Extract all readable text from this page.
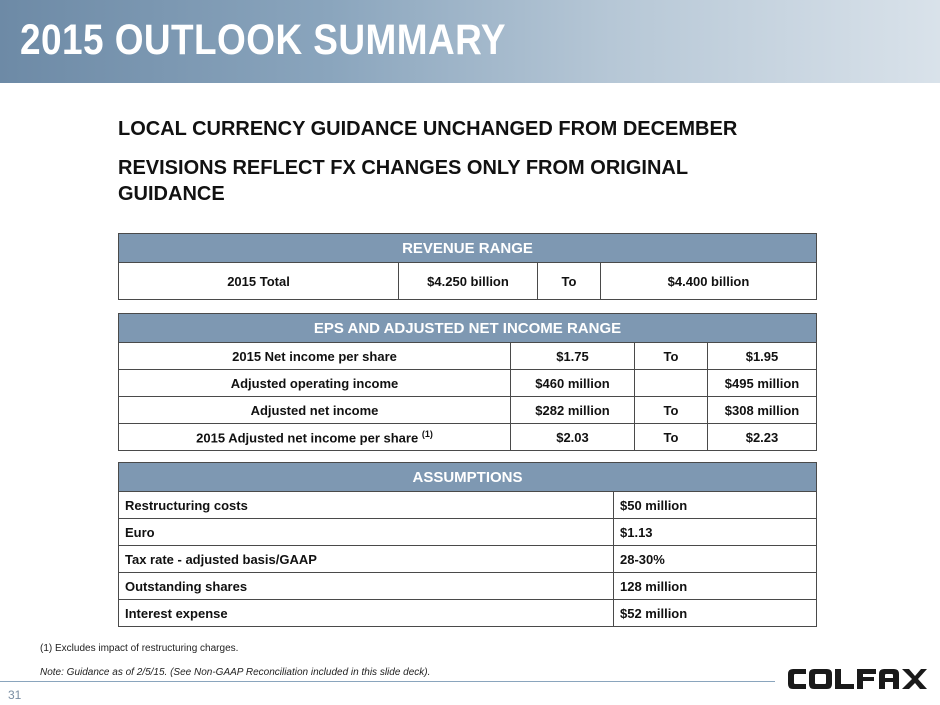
2015 OUTLOOK SUMMARY
LOCAL CURRENCY GUIDANCE UNCHANGED FROM DECEMBER
REVISIONS REFLECT FX CHANGES ONLY FROM ORIGINAL
GUIDANCE
REVENUE RANGE
2015 Total	$4.250 billion	To	$4.400 billion
EPS AND ADJUSTED NET INCOME RANGE			
2015 Net income per share	$1.75	To	$1.95
Adjusted operating income	$460 million		$495 million
Adjusted net income	$282 million	To	$308 million
2015 Adjusted net income per share $^{(1)}$	$2.03	To	$2.23
ASSUMPTIONS	
Restructuring costs	$50 million
Euro	$1.13
Tax rate - adjusted basis/GAAP	28-30%
Outstanding shares	128 million
Interest expense	$52 million
(1) Excludes impact of restructuring charges.
Note: Guidance as of 2/5/15. (See Non-GAAP Reconciliation included in this slide deck).
31
